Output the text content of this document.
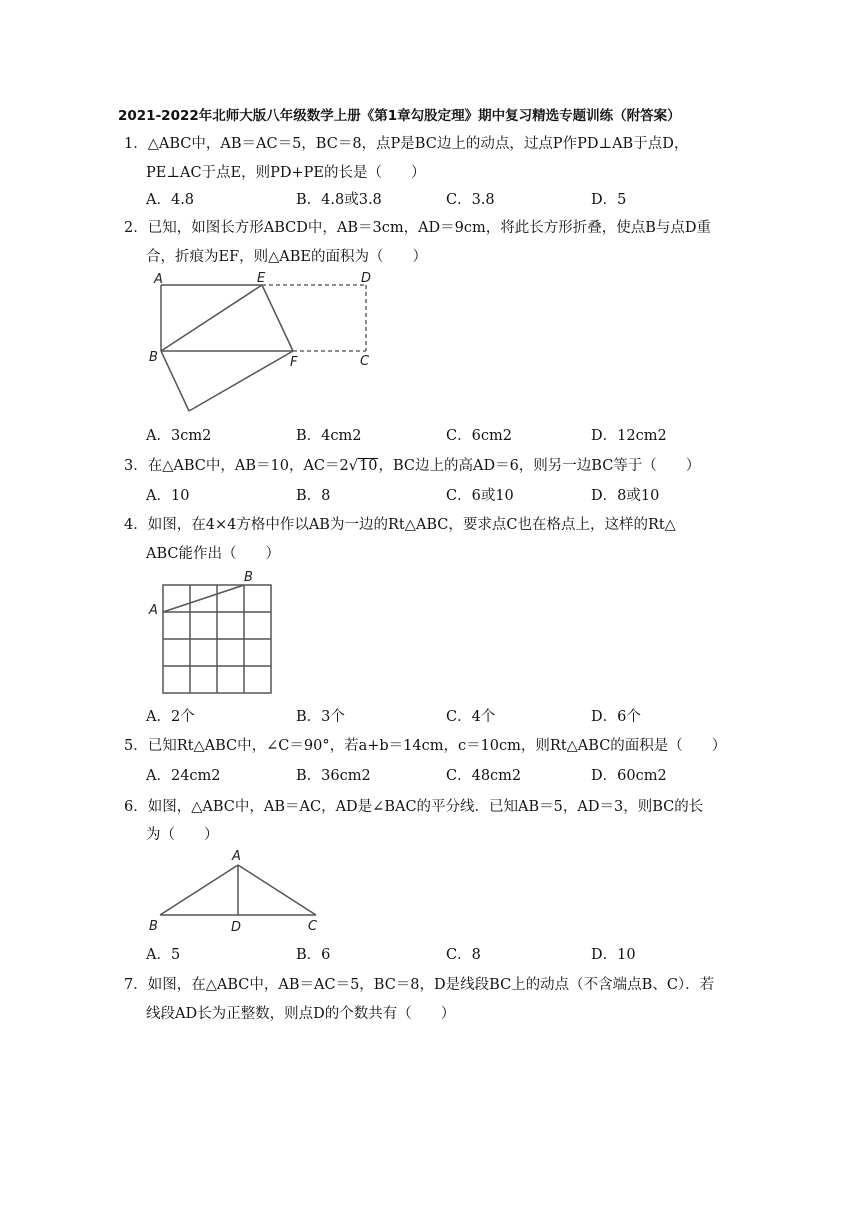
2021-2022年北师大版八年级数学上册《第1章勾股定理》期中复习精选专题训练（附答案）
1．△ABC中，AB＝AC＝5，BC＝8，点P是BC边上的动点，过点P作PD⊥AB于点D，
PE⊥AC于点E，则PD+PE的长是（　　）
A．4.8	B．4.8或3.8	C．3.8	D．5
2．已知，如图长方形ABCD中，AB＝3cm，AD＝9cm，将此长方形折叠，使点B与点D重
合，折痕为EF，则△ABE的面积为（　　）
A	E	D
B	F	C
A．3cm2	B．4cm2	C．6cm2	D．12cm2
3．在△ABC中，AB＝10，AC＝2√10，BC边上的高AD＝6，则另一边BC等于（　　）
A．10	B．8	C．6或10	D．8或10
4．如图，在4×4方格中作以AB为一边的Rt△ABC，要求点C也在格点上，这样的Rt△
ABC能作出（　　）
A
B
A．2个	B．3个	C．4个	D．6个
5．已知Rt△ABC中，∠C＝90°，若a+b＝14cm，c＝10cm，则Rt△ABC的面积是（　　）
A．24cm2	B．36cm2	C．48cm2	D．60cm2
6．如图，△ABC中，AB＝AC，AD是∠BAC的平分线．已知AB＝5，AD＝3，则BC的长
为（　　）
A
B	D	C
A．5	B．6	C．8	D．10
7．如图，在△ABC中，AB＝AC＝5，BC＝8，D是线段BC上的动点（不含端点B、C）．若
线段AD长为正整数，则点D的个数共有（　　）
